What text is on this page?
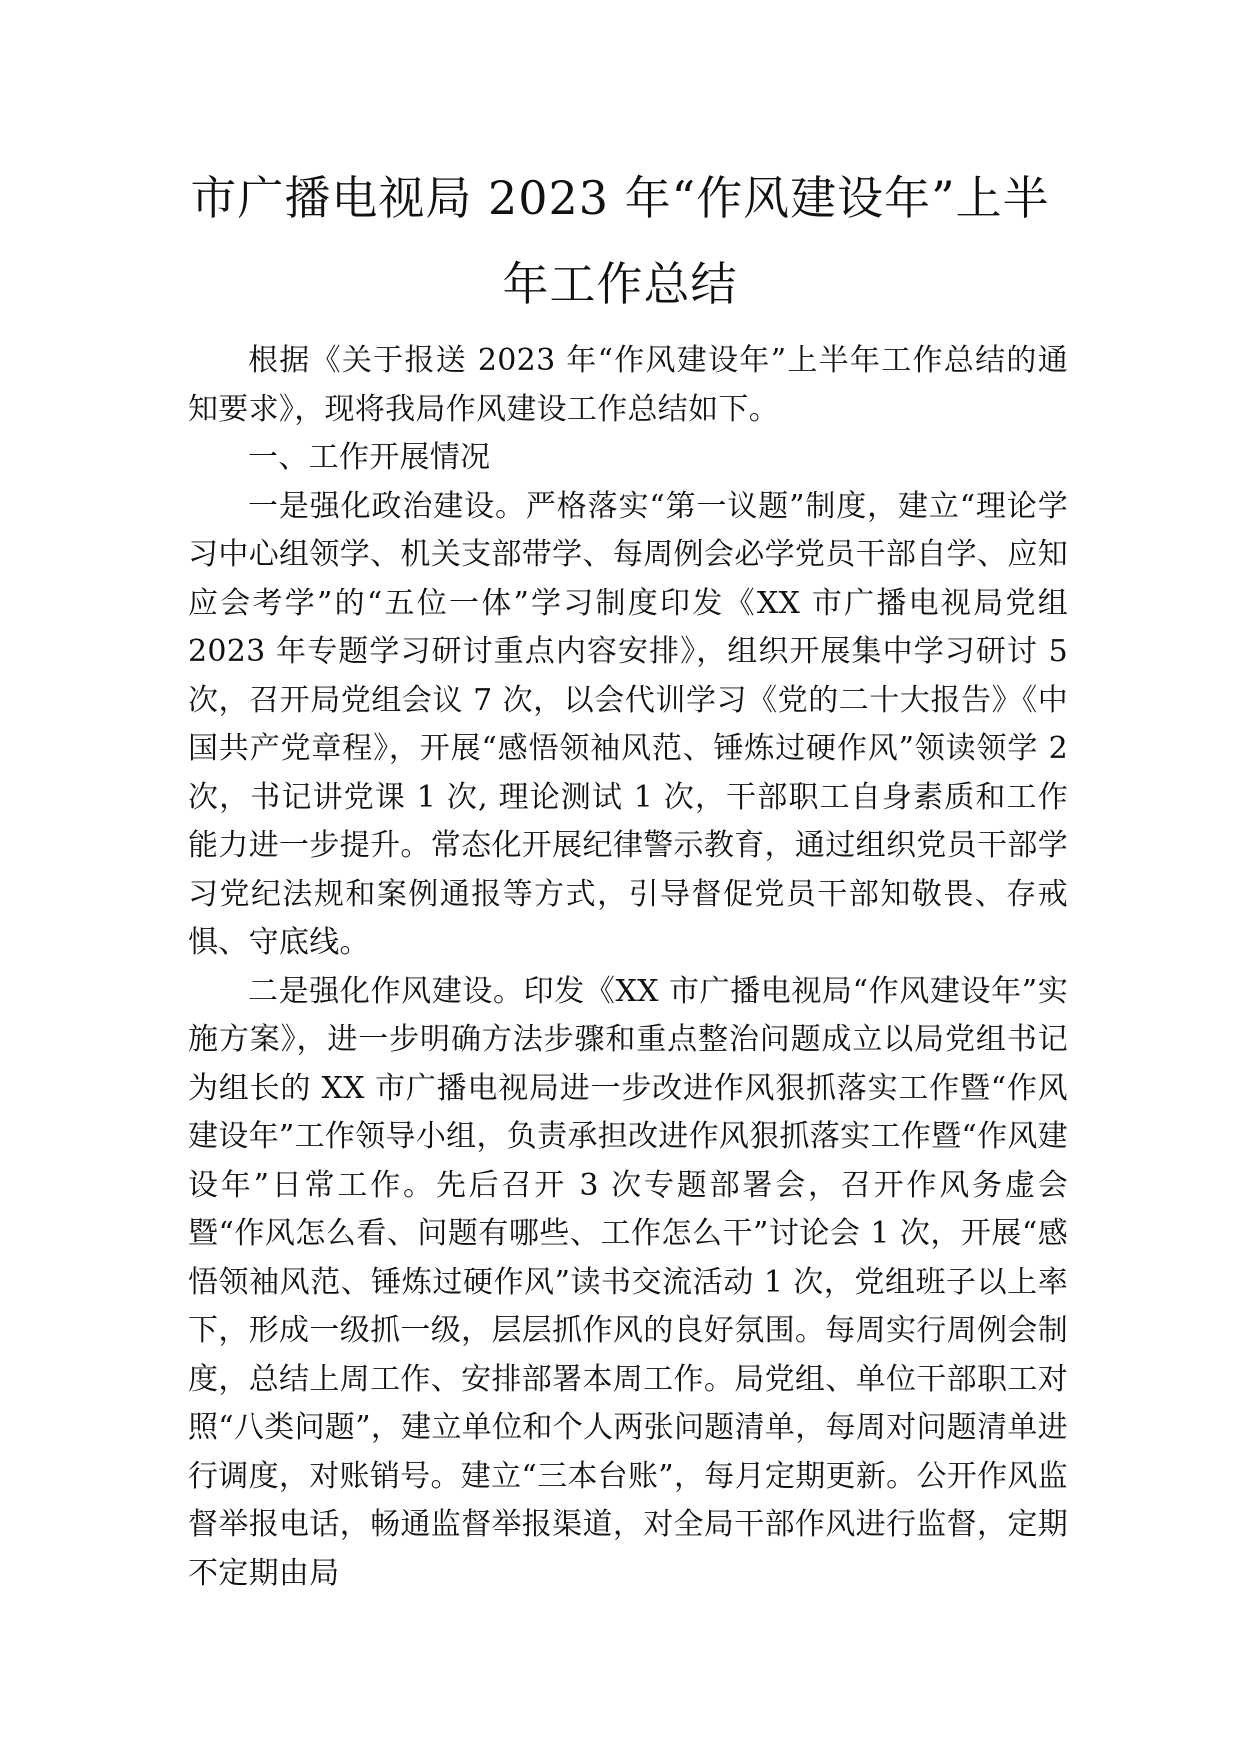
市广播电视局 2023 年“作风建设年”上半
年工作总结

根据《关于报送 2023 年“作风建设年”上半年工作总结的通知要求》，现将我局作风建设工作总结如下。

一、工作开展情况

一是强化政治建设。严格落实“第一议题”制度，建立“理论学习中心组领学、机关支部带学、每周例会必学党员干部自学、应知应会考学”的“五位一体”学习制度印发《XX 市广播电视局党组 2023 年专题学习研讨重点内容安排》，组织开展集中学习研讨 5 次，召开局党组会议 7 次，以会代训学习《党的二十大报告》《中国共产党章程》，开展“感悟领袖风范、锤炼过硬作风”领读领学 2 次，书记讲党课 1 次, 理论测试 1 次，干部职工自身素质和工作能力进一步提升。常态化开展纪律警示教育，通过组织党员干部学习党纪法规和案例通报等方式，引导督促党员干部知敬畏、存戒惧、守底线。

二是强化作风建设。印发《XX 市广播电视局“作风建设年”实施方案》，进一步明确方法步骤和重点整治问题成立以局党组书记为组长的 XX 市广播电视局进一步改进作风狠抓落实工作暨“作风建设年”工作领导小组，负责承担改进作风狠抓落实工作暨“作风建设年”日常工作。先后召开 3 次专题部署会，召开作风务虚会暨“作风怎么看、问题有哪些、工作怎么干”讨论会 1 次，开展“感悟领袖风范、锤炼过硬作风”读书交流活动 1 次，党组班子以上率下，形成一级抓一级，层层抓作风的良好氛围。每周实行周例会制度，总结上周工作、安排部署本周工作。局党组、单位干部职工对照“八类问题”，建立单位和个人两张问题清单，每周对问题清单进行调度，对账销号。建立“三本台账”，每月定期更新。公开作风监督举报电话，畅通监督举报渠道，对全局干部作风进行监督，定期不定期由局
